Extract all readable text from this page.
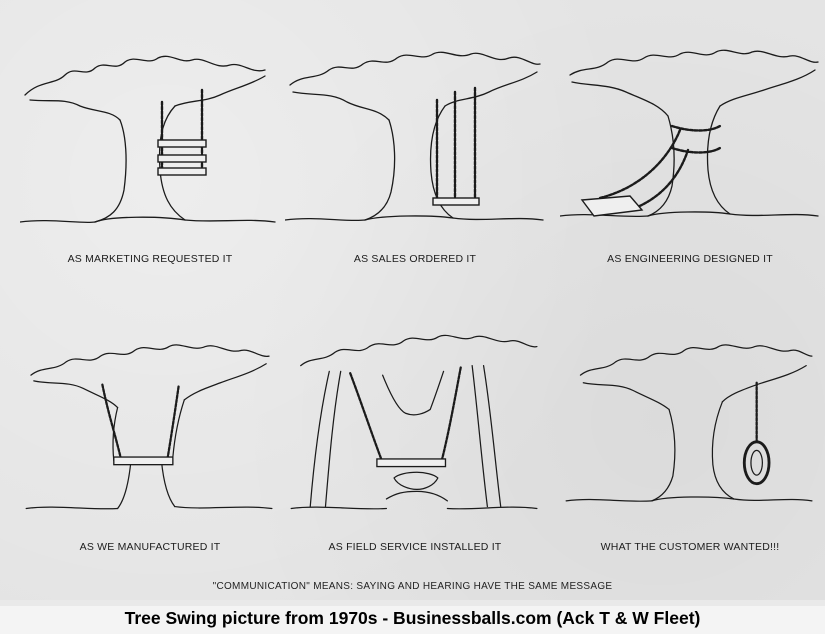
AS MARKETING REQUESTED IT	AS SALES ORDERED IT	AS ENGINEERING DESIGNED IT
AS WE MANUFACTURED IT	AS FIELD SERVICE INSTALLED IT	WHAT THE CUSTOMER WANTED!!!
"COMMUNICATION" MEANS: SAYING AND HEARING HAVE THE SAME MESSAGE
Tree Swing picture from 1970s - Businessballs.com (Ack T & W Fleet)
